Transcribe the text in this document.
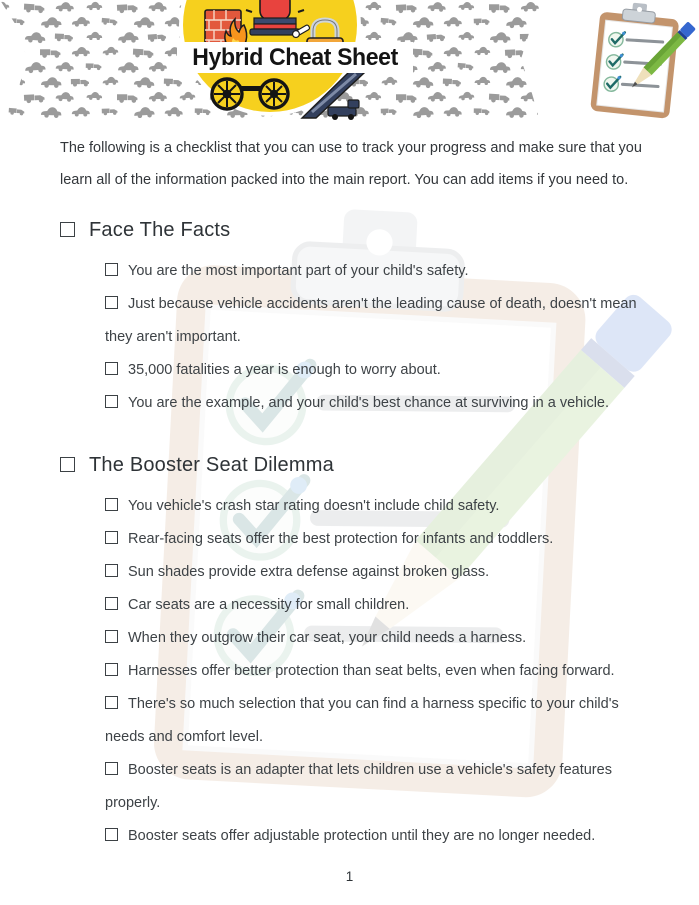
Hybrid Cheat Sheet

The following is a checklist that you can use to track your progress and make sure that you learn all of the information packed into the main report. You can add items if you need to.

Face The Facts
You are the most important part of your child's safety.
Just because vehicle accidents aren't the leading cause of death, doesn't mean they aren't important.
35,000 fatalities a year is enough to worry about.
You are the example, and your child's best chance at surviving in a vehicle.
The Booster Seat Dilemma
You vehicle's crash star rating doesn't include child safety.
Rear-facing seats offer the best protection for infants and toddlers.
Sun shades provide extra defense against broken glass.
Car seats are a necessity for small children.
When they outgrow their car seat, your child needs a harness.
Harnesses offer better protection than seat belts, even when facing forward.
There's so much selection that you can find a harness specific to your child's needs and comfort level.
Booster seats is an adapter that lets children use a vehicle's safety features properly.
Booster seats offer adjustable protection until they are no longer needed.
1
